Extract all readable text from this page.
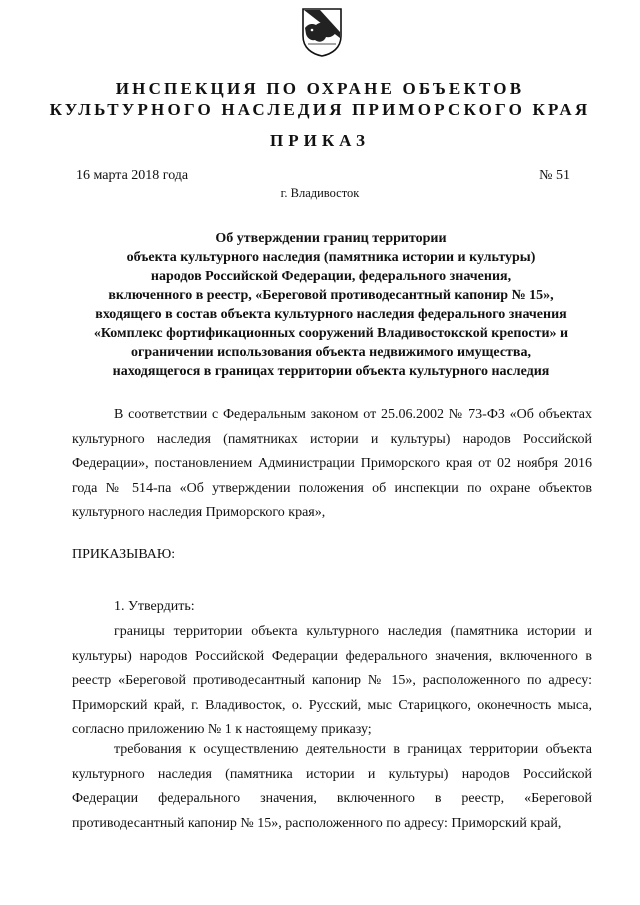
ИНСПЕКЦИЯ ПО ОХРАНЕ ОБЪЕКТОВ
КУЛЬТУРНОГО НАСЛЕДИЯ ПРИМОРСКОГО КРАЯ
ПРИКАЗ
16 марта 2018 года	№ 51
г. Владивосток
Об утверждении границ территории
объекта культурного наследия (памятника истории и культуры)
народов Российской Федерации, федерального значения,
включенного в реестр, «Береговой противодесантный капонир № 15»,
входящего в состав объекта культурного наследия федерального значения
«Комплекс фортификационных сооружений Владивостокской крепости» и
ограничении использования объекта недвижимого имущества,
находящегося в границах территории объекта культурного наследия
В соответствии с Федеральным законом от 25.06.2002 № 73-ФЗ «Об объектах культурного наследия (памятниках истории и культуры) народов Российской Федерации», постановлением Администрации Приморского края от 02 ноября 2016 года № 514-па «Об утверждении положения об инспекции по охране объектов культурного наследия Приморского края»,
ПРИКАЗЫВАЮ:
1. Утвердить:
границы территории объекта культурного наследия (памятника истории и культуры) народов Российской Федерации федерального значения, включенного в реестр «Береговой противодесантный капонир № 15», расположенного по адресу: Приморский край, г. Владивосток, о. Русский, мыс Старицкого, оконечность мыса, согласно приложению № 1 к настоящему приказу;
требования к осуществлению деятельности в границах территории объекта культурного наследия (памятника истории и культуры) народов Российской Федерации федерального значения, включенного в реестр, «Береговой противодесантный капонир № 15», расположенного по адресу: Приморский край,
